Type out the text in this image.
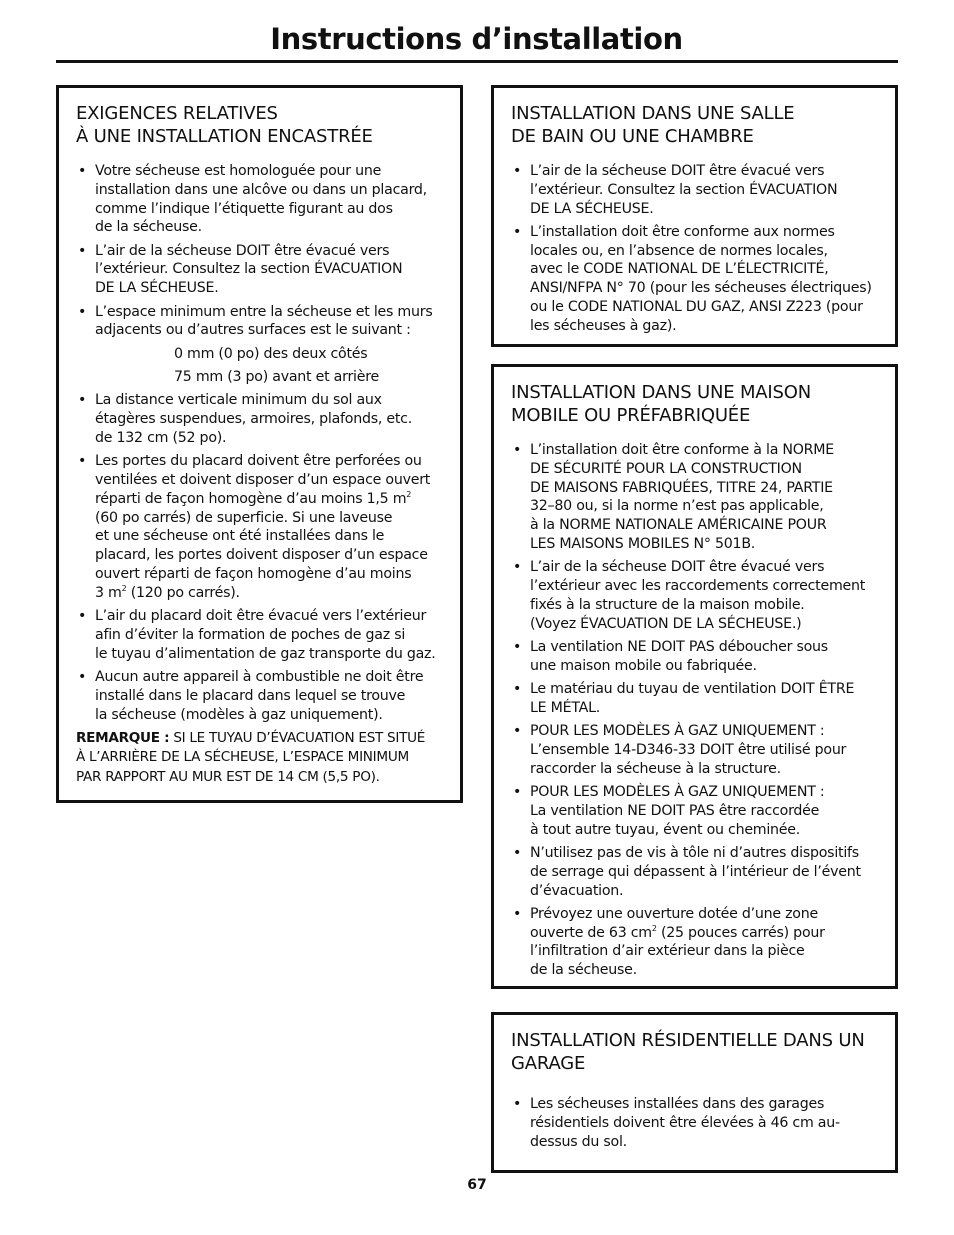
Instructions d’installation
EXIGENCES RELATIVES
À UNE INSTALLATION ENCASTRÉE
• Votre sécheuse est homologuée pour une
installation dans une alcôve ou dans un placard,
comme l’indique l’étiquette figurant au dos
de la sécheuse.
• L’air de la sécheuse DOIT être évacué vers
l’extérieur. Consultez la section ÉVACUATION
DE LA SÉCHEUSE.
• L’espace minimum entre la sécheuse et les murs
adjacents ou d’autres surfaces est le suivant :
0 mm (0 po) des deux côtés
75 mm (3 po) avant et arrière
• La distance verticale minimum du sol aux
étagères suspendues, armoires, plafonds, etc.
de 132 cm (52 po).
• Les portes du placard doivent être perforées ou
ventilées et doivent disposer d’un espace ouvert
réparti de façon homogène d’au moins 1,5 $m^2$
(60 po carrés) de superficie. Si une laveuse
et une sécheuse ont été installées dans le
placard, les portes doivent disposer d’un espace
ouvert réparti de façon homogène d’au moins
3 $m^2$ (120 po carrés).
• L’air du placard doit être évacué vers l’extérieur
afin d’éviter la formation de poches de gaz si
le tuyau d’alimentation de gaz transporte du gaz.
• Aucun autre appareil à combustible ne doit être
installé dans le placard dans lequel se trouve
la sécheuse (modèles à gaz uniquement).
REMARQUE : SI LE TUYAU D’ÉVACUATION EST SITUÉ
À L’ARRIÈRE DE LA SÉCHEUSE, L’ESPACE MINIMUM
PAR RAPPORT AU MUR EST DE 14 CM (5,5 PO).
INSTALLATION DANS UNE SALLE
DE BAIN OU UNE CHAMBRE
• L’air de la sécheuse DOIT être évacué vers
l’extérieur. Consultez la section ÉVACUATION
DE LA SÉCHEUSE.
• L’installation doit être conforme aux normes
locales ou, en l’absence de normes locales,
avec le CODE NATIONAL DE L’ÉLECTRICITÉ,
ANSI/NFPA N° 70 (pour les sécheuses électriques)
ou le CODE NATIONAL DU GAZ, ANSI Z223 (pour
les sécheuses à gaz).
INSTALLATION DANS UNE MAISON
MOBILE OU PRÉFABRIQUÉE
• L’installation doit être conforme à la NORME
DE SÉCURITÉ POUR LA CONSTRUCTION
DE MAISONS FABRIQUÉES, TITRE 24, PARTIE
32–80 ou, si la norme n’est pas applicable,
à la NORME NATIONALE AMÉRICAINE POUR
LES MAISONS MOBILES N° 501B.
• L’air de la sécheuse DOIT être évacué vers
l’extérieur avec les raccordements correctement
fixés à la structure de la maison mobile.
(Voyez ÉVACUATION DE LA SÉCHEUSE.)
• La ventilation NE DOIT PAS déboucher sous
une maison mobile ou fabriquée.
• Le matériau du tuyau de ventilation DOIT ÊTRE
LE MÉTAL.
• POUR LES MODÈLES À GAZ UNIQUEMENT :
L’ensemble 14-D346-33 DOIT être utilisé pour
raccorder la sécheuse à la structure.
• POUR LES MODÈLES À GAZ UNIQUEMENT :
La ventilation NE DOIT PAS être raccordée
à tout autre tuyau, évent ou cheminée.
• N’utilisez pas de vis à tôle ni d’autres dispositifs
de serrage qui dépassent à l’intérieur de l’évent
d’évacuation.
• Prévoyez une ouverture dotée d’une zone
ouverte de 63 $cm^2$ (25 pouces carrés) pour
l’infiltration d’air extérieur dans la pièce
de la sécheuse.
INSTALLATION RÉSIDENTIELLE DANS UN
GARAGE
• Les sécheuses installées dans des garages
résidentiels doivent être élevées à 46 cm au-
dessus du sol.
67
